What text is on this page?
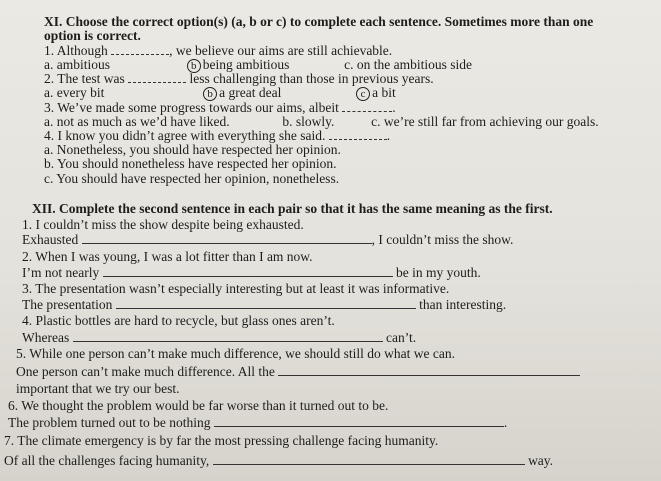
XI. Choose the correct option(s) (a, b or c) to complete each sentence. Sometimes more than one
option is correct.
1. Although	, we believe our aims are still achievable.
a. ambitious	b being ambitious	c. on the ambitious side
2. The test was	less challenging than those in previous years.
a. every bit	b a great deal	c a bit
3. We’ve made some progress towards our aims, albeit	.
a. not as much as we’d have liked.	b. slowly.	c. we’re still far from achieving our goals.
4. I know you didn’t agree with everything she said.	.
a. Nonetheless, you should have respected her opinion.
b. You should nonetheless have respected her opinion.
c. You should have respected her opinion, nonetheless.
XII. Complete the second sentence in each pair so that it has the same meaning as the first.
1. I couldn’t miss the show despite being exhausted.
Exhausted	, I couldn’t miss the show.
2. When I was young, I was a lot fitter than I am now.
I’m not nearly	be in my youth.
3. The presentation wasn’t especially interesting but at least it was informative.
The presentation	than interesting.
4. Plastic bottles are hard to recycle, but glass ones aren’t.
Whereas	can’t.
5. While one person can’t make much difference, we should still do what we can.
One person can’t make much difference. All the
important that we try our best.
6. We thought the problem would be far worse than it turned out to be.
The problem turned out to be nothing	.
7. The climate emergency is by far the most pressing challenge facing humanity.
Of all the challenges facing humanity,	way.
